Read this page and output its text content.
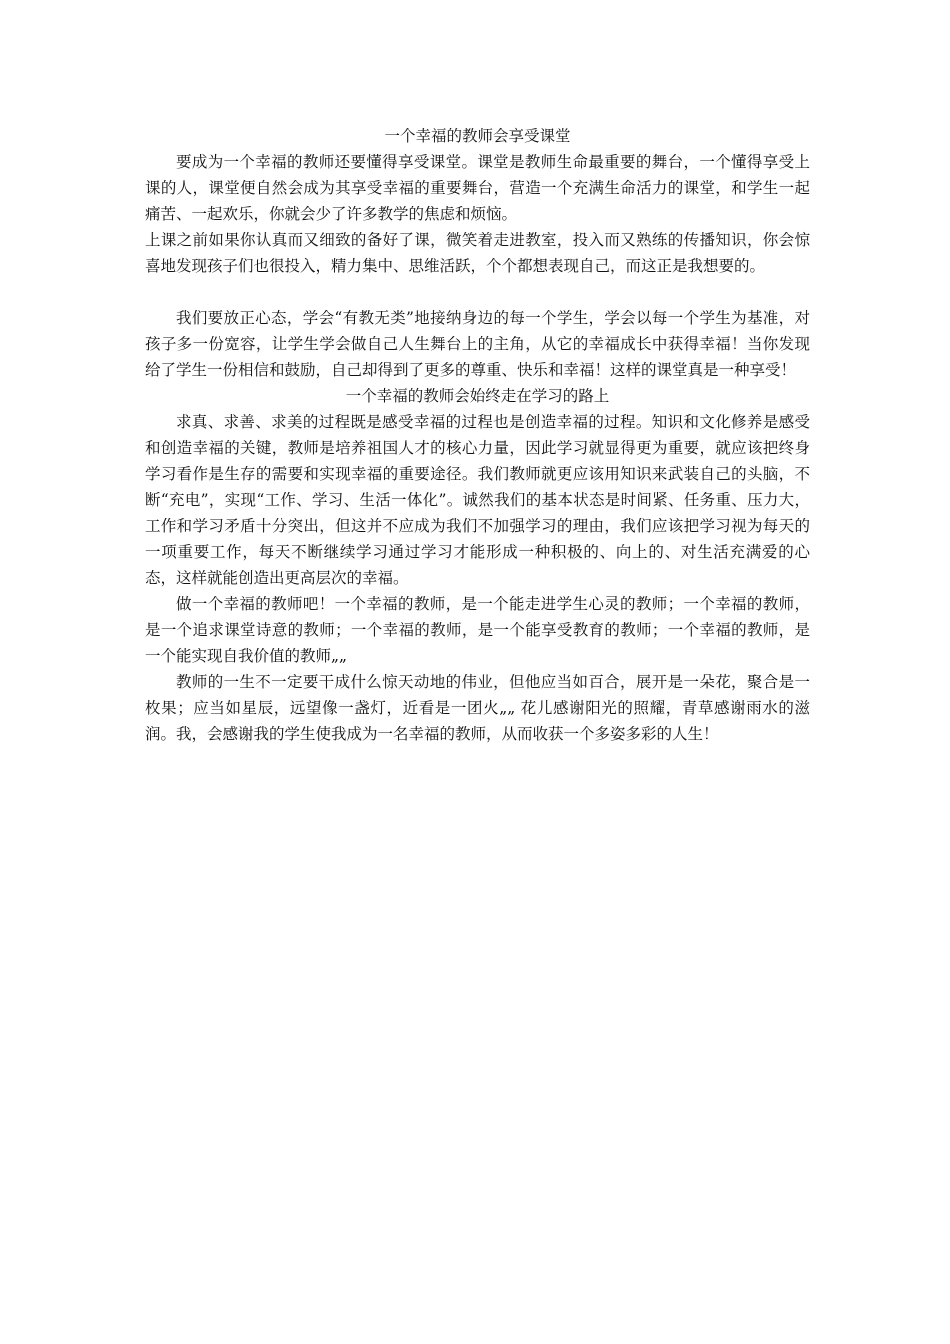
一个幸福的教师会享受课堂

要成为一个幸福的教师还要懂得享受课堂。课堂是教师生命最重要的舞台，一个懂得享受上课的人，课堂便自然会成为其享受幸福的重要舞台，营造一个充满生命活力的课堂，和学生一起痛苦、一起欢乐，你就会少了许多教学的焦虑和烦恼。

上课之前如果你认真而又细致的备好了课，微笑着走进教室，投入而又熟练的传播知识，你会惊喜地发现孩子们也很投入，精力集中、思维活跃，个个都想表现自己，而这正是我想要的。

我们要放正心态，学会“有教无类”地接纳身边的每一个学生，学会以每一个学生为基准，对孩子多一份宽容，让学生学会做自己人生舞台上的主角，从它的幸福成长中获得幸福！当你发现给了学生一份相信和鼓励，自己却得到了更多的尊重、快乐和幸福！这样的课堂真是一种享受！

一个幸福的教师会始终走在学习的路上

求真、求善、求美的过程既是感受幸福的过程也是创造幸福的过程。知识和文化修养是感受和创造幸福的关键，教师是培养祖国人才的核心力量，因此学习就显得更为重要，就应该把终身学习看作是生存的需要和实现幸福的重要途径。我们教师就更应该用知识来武装自己的头脑，不断“充电”，实现“工作、学习、生活一体化”。诚然我们的基本状态是时间紧、任务重、压力大，工作和学习矛盾十分突出，但这并不应成为我们不加强学习的理由，我们应该把学习视为每天的一项重要工作，每天不断继续学习通过学习才能形成一种积极的、向上的、对生活充满爱的心态，这样就能创造出更高层次的幸福。

做一个幸福的教师吧！一个幸福的教师，是一个能走进学生心灵的教师；一个幸福的教师，是一个追求课堂诗意的教师；一个幸福的教师，是一个能享受教育的教师；一个幸福的教师，是一个能实现自我价值的教师„„

教师的一生不一定要干成什么惊天动地的伟业，但他应当如百合，展开是一朵花，聚合是一枚果；应当如星辰，远望像一盏灯，近看是一团火„„ 花儿感谢阳光的照耀，青草感谢雨水的滋润。我，会感谢我的学生使我成为一名幸福的教师，从而收获一个多姿多彩的人生！
